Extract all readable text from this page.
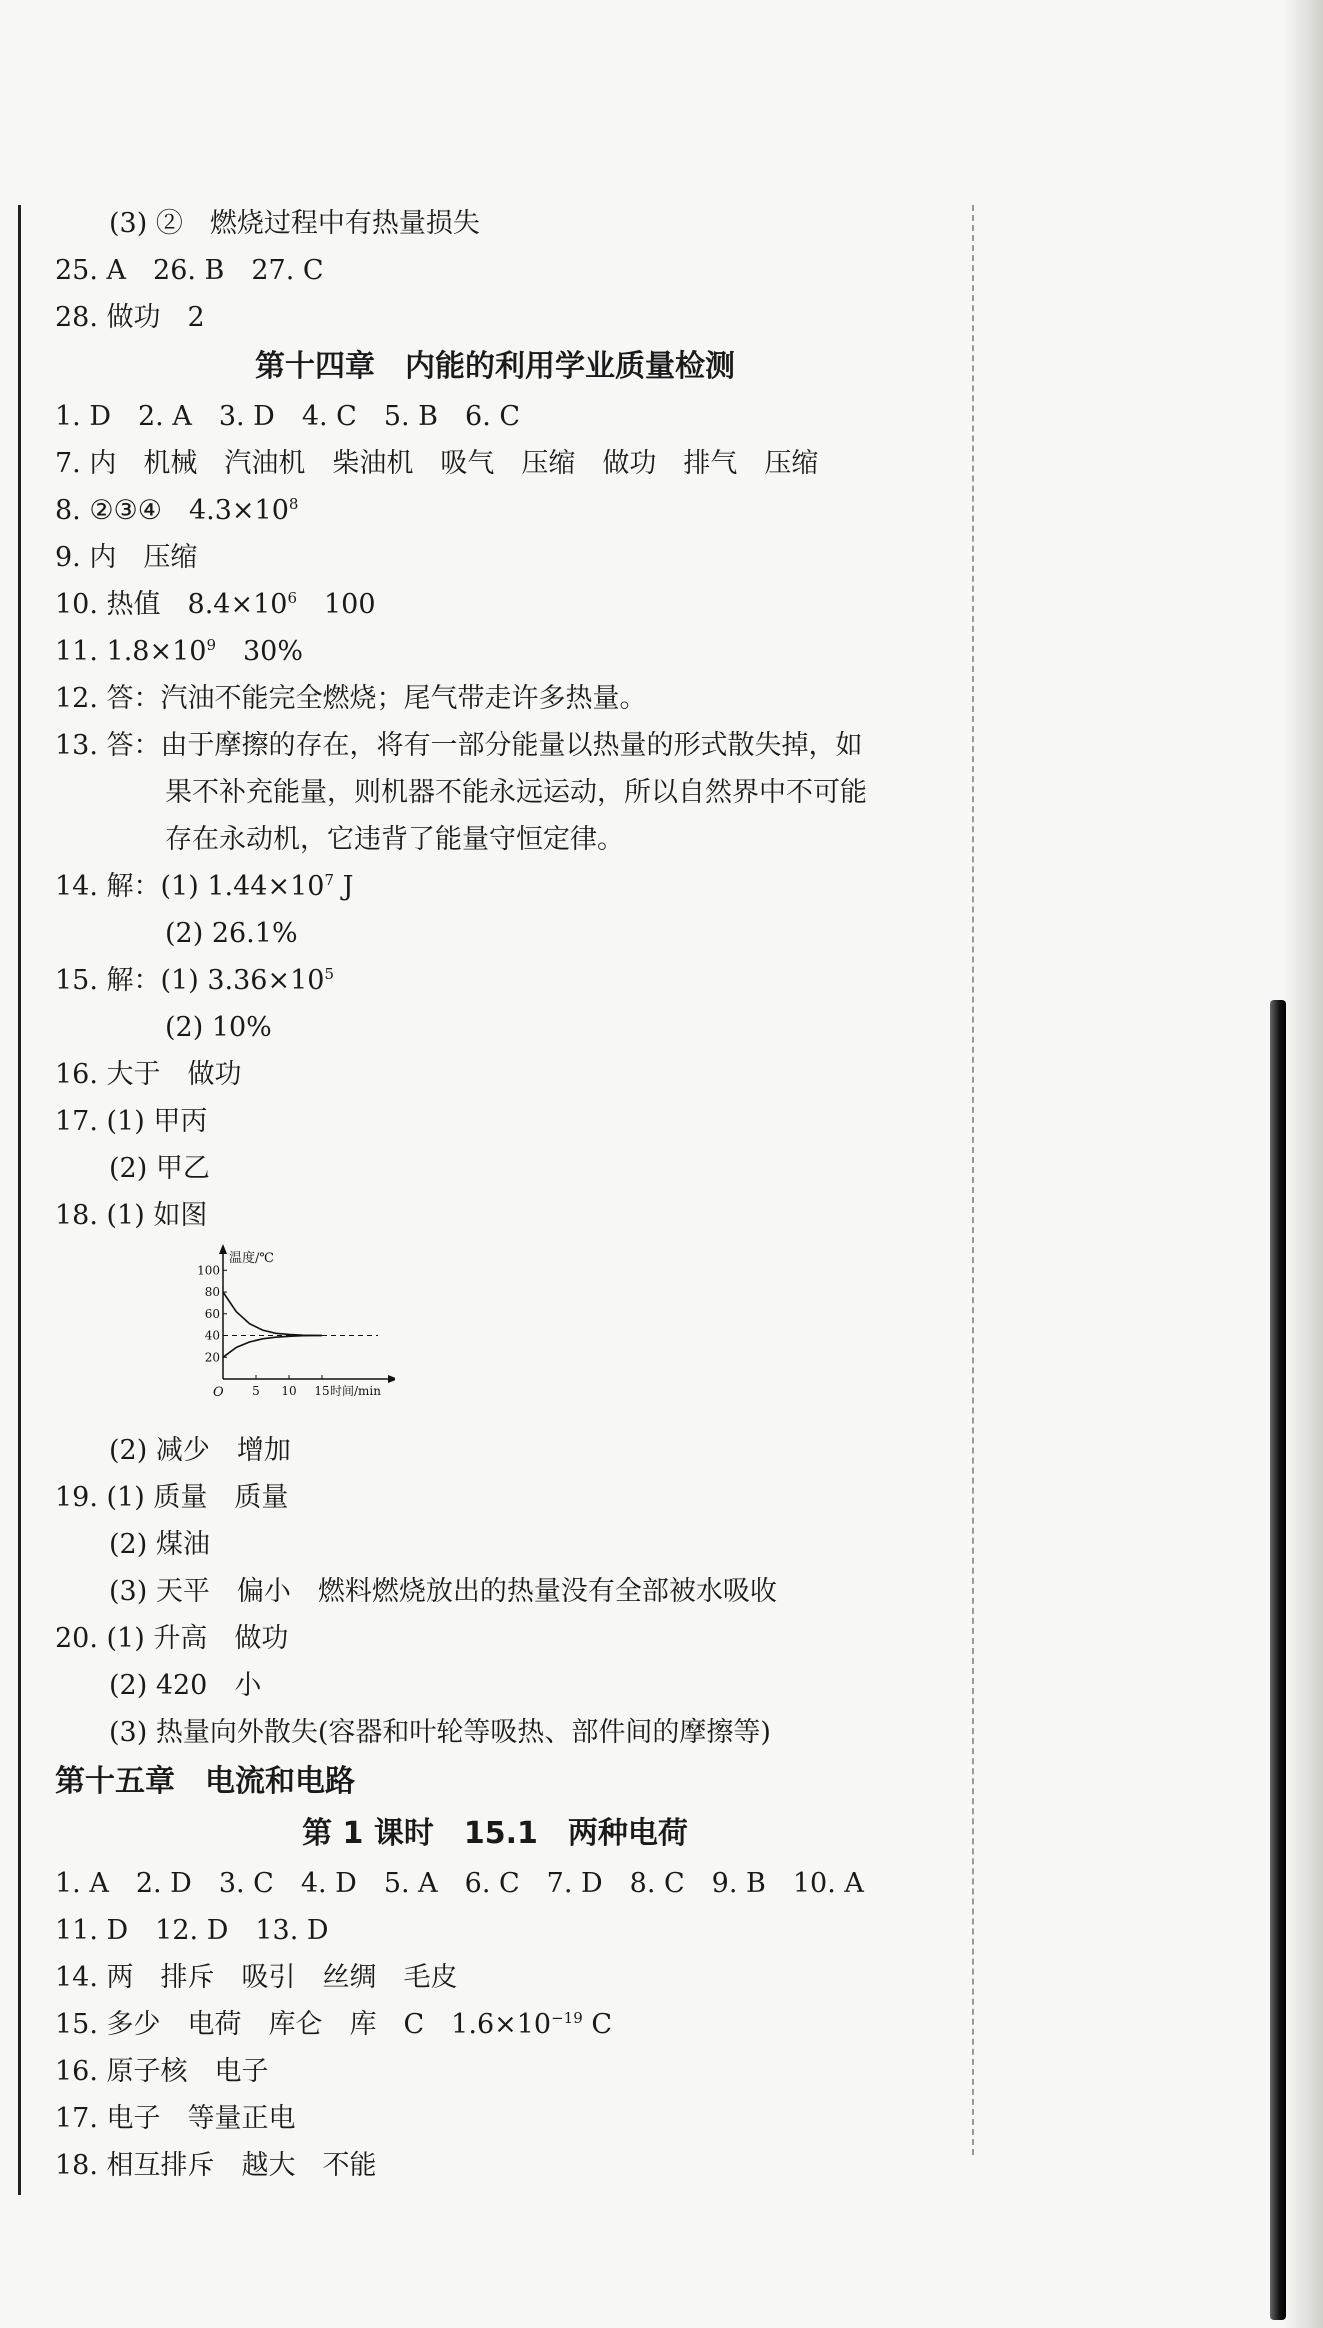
(3) ②　燃烧过程中有热量损失
25. A　26. B　27. C
28. 做功　2
第十四章　内能的利用学业质量检测
1. D　2. A　3. D　4. C　5. B　6. C
7. 内　机械　汽油机　柴油机　吸气　压缩　做功　排气　压缩
8. ②③④　$4.3\times 10^8$
9. 内　压缩
10. 热值　$8.4\times 10^6$　100
11. $1.8\times 10^9$　30%
12. 答：汽油不能完全燃烧；尾气带走许多热量。
13. 答：由于摩擦的存在，将有一部分能量以热量的形式散失掉，如
果不补充能量，则机器不能永远运动，所以自然界中不可能
存在永动机，它违背了能量守恒定律。
14. 解：(1) $1.44\times 10^7$ J
(2) 26.1%
15. 解：(1) $3.36\times 10^5$
(2) 10%
16. 大于　做功
17. (1) 甲丙
(2) 甲乙
18. (1) 如图
温度/℃
20
40
60
80
100
5 10 15
O	时间/min
(2) 减少　增加
19. (1) 质量　质量
(2) 煤油
(3) 天平　偏小　燃料燃烧放出的热量没有全部被水吸收
20. (1) 升高　做功
(2) 420　小
(3) 热量向外散失(容器和叶轮等吸热、部件间的摩擦等)
第十五章　电流和电路
第 1 课时　15.1　两种电荷
1. A　2. D　3. C　4. D　5. A　6. C　7. D　8. C　9. B　10. A
11. D　12. D　13. D
14. 两　排斥　吸引　丝绸　毛皮
15. 多少　电荷　库仑　库　C　$1.6\times 10^{-19}$ C
16. 原子核　电子
17. 电子　等量正电
18. 相互排斥　越大　不能
